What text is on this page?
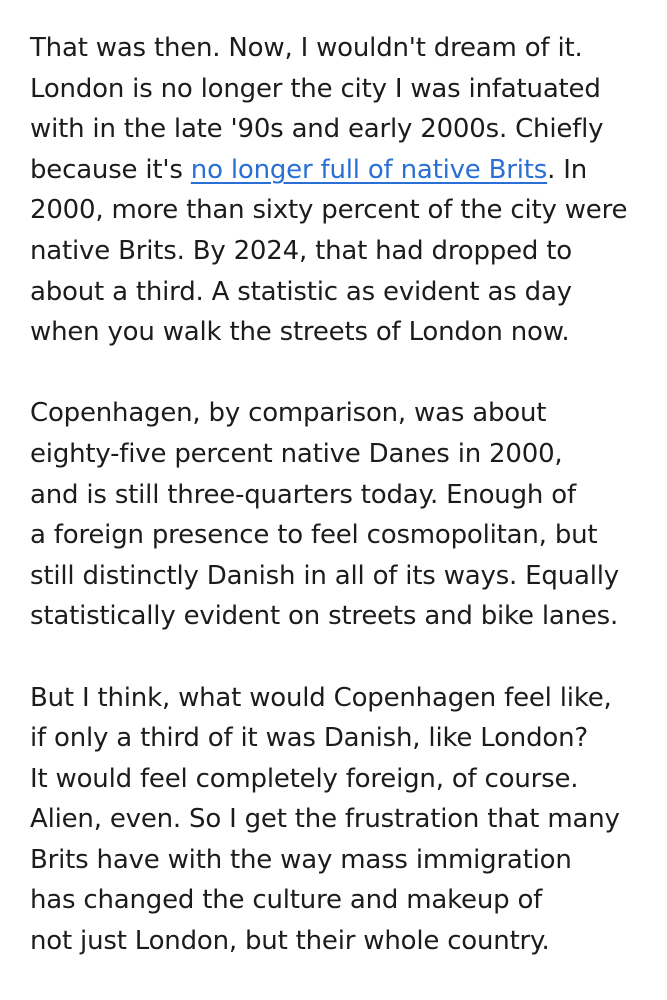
That was then. Now, I wouldn't dream of it.
London is no longer the city I was infatuated
with in the late '90s and early 2000s. Chiefly
because it's no longer full of native Brits. In
2000, more than sixty percent of the city were
native Brits. By 2024, that had dropped to
about a third. A statistic as evident as day
when you walk the streets of London now.

Copenhagen, by comparison, was about
eighty-five percent native Danes in 2000,
and is still three-quarters today. Enough of
a foreign presence to feel cosmopolitan, but
still distinctly Danish in all of its ways. Equally
statistically evident on streets and bike lanes.

But I think, what would Copenhagen feel like,
if only a third of it was Danish, like London?
It would feel completely foreign, of course.
Alien, even. So I get the frustration that many
Brits have with the way mass immigration
has changed the culture and makeup of
not just London, but their whole country.
